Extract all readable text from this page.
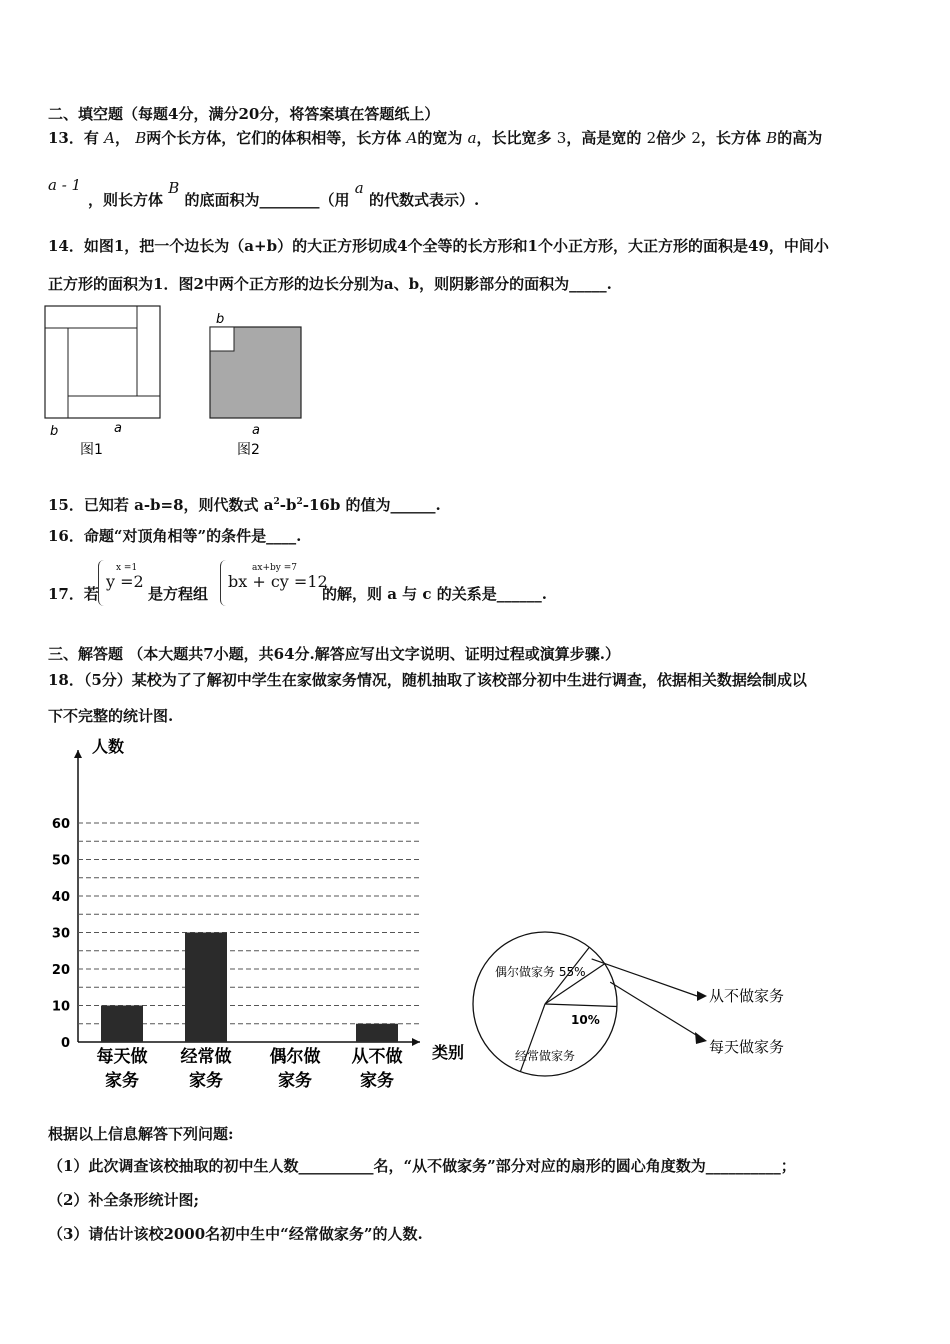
二、填空题（每题4分，满分20分，将答案填在答题纸上）
13．有 A， B两个长方体，它们的体积相等，长方体 A的宽为 a，长比宽多 3，高是宽的 2倍少 2，长方体 B的高为
a - 1
，则长方体 B 的底面积为________（用 a 的代数式表示）.
14．如图1，把一个边长为（a+b）的大正方形切成4个全等的长方形和1个小正方形，大正方形的面积是49，中间小
正方形的面积为1．图2中两个正方形的边长分别为a、b，则阴影部分的面积为_____.
b	a
图1
b
a
图2
15．已知若 a-b=8，则代数式 $a^2-b^2-16b$ 的值为______.
16．命题“对顶角相等”的条件是____.
17．若
x =1
y =2
是方程组
ax+by =7
bx + cy =12
的解，则 a 与 c 的关系是______.
三、解答题 （本大题共7小题，共64分.解答应写出文字说明、证明过程或演算步骤.）
18．（5分）某校为了了解初中学生在家做家务情况，随机抽取了该校部分初中生进行调查，依据相关数据绘制成以
下不完整的统计图.
0
10
20
30
40
50
60
人数
类别
每天做
家务
经常做
家务
偶尔做
家务
从不做
家务
偶尔做家务 55%
经常做家务
10%
从不做家务
每天做家务
根据以上信息解答下列问题:
（1）此次调查该校抽取的初中生人数__________名，“从不做家务”部分对应的扇形的圆心角度数为__________；
（2）补全条形统计图;
（3）请估计该校2000名初中生中“经常做家务”的人数.
